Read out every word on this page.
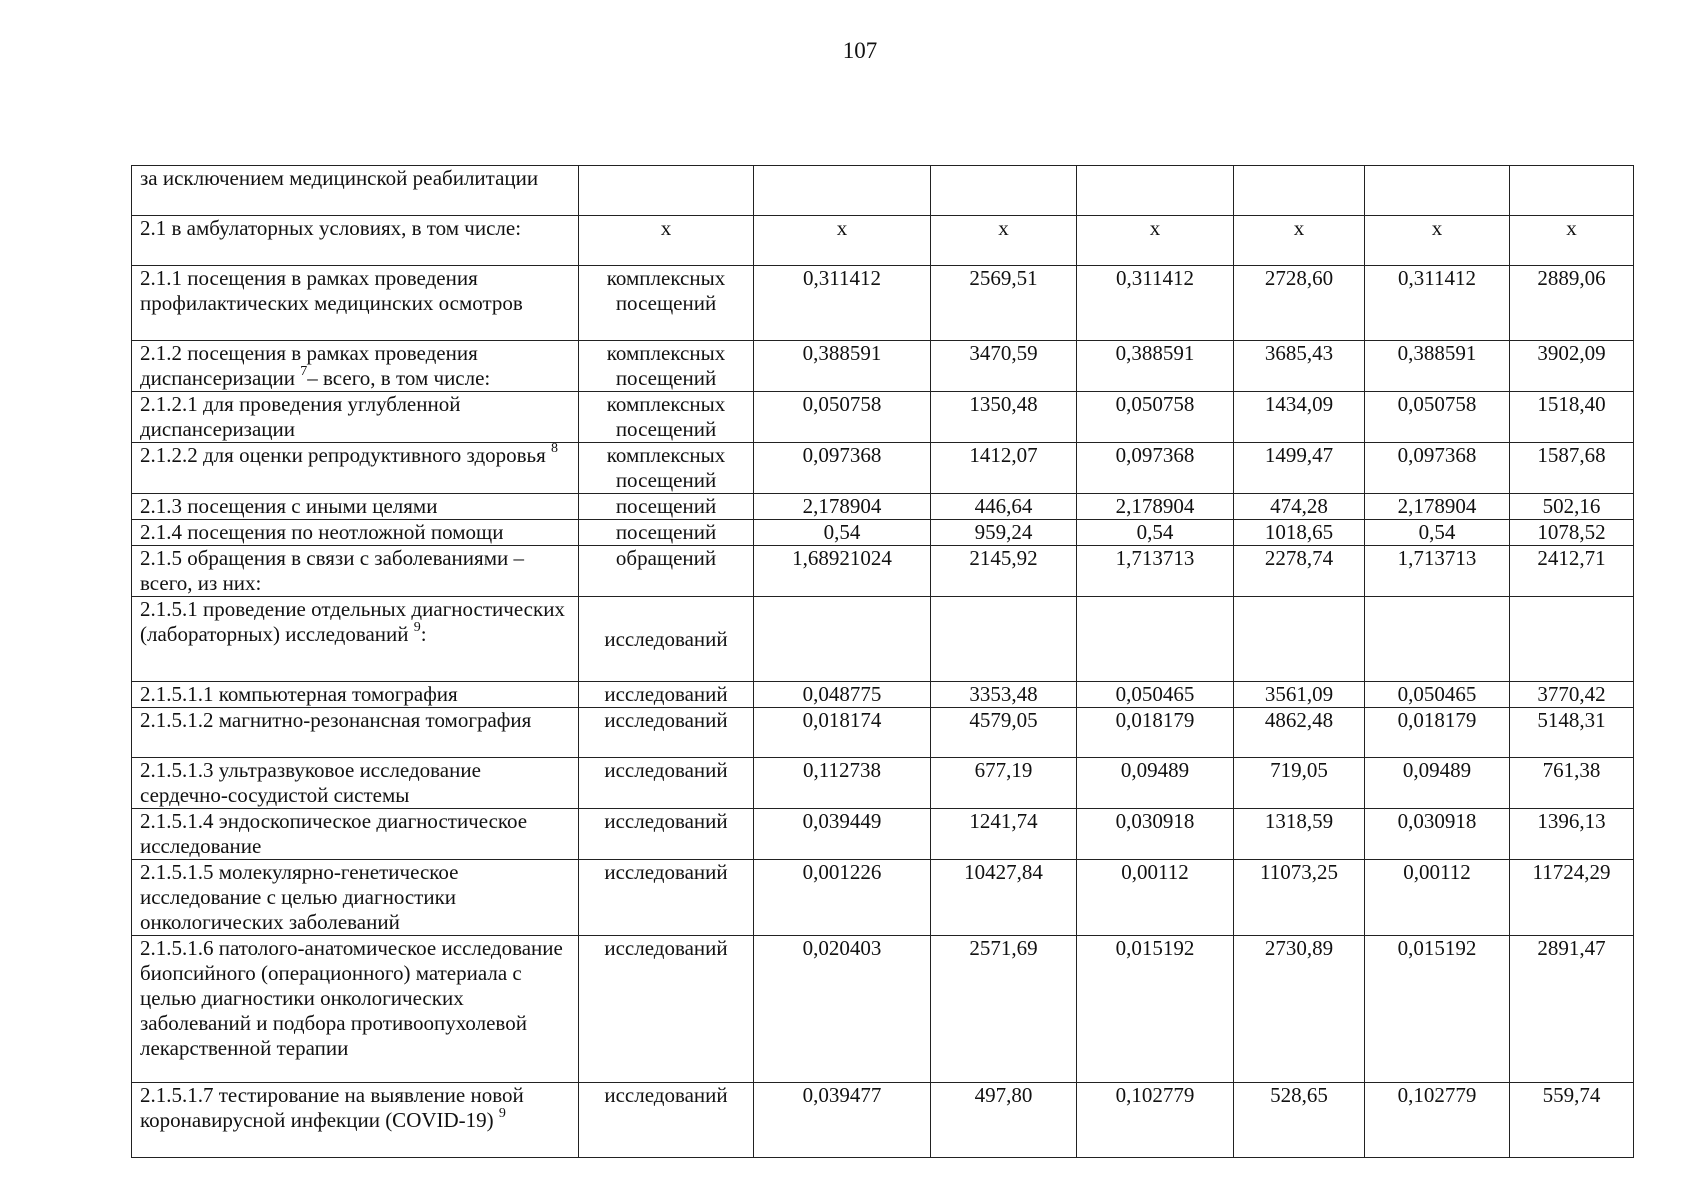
107
за исключением медицинской реабилитации							
2.1 в амбулаторных условиях, в том числе:	х	х	х	х	х	х	х
2.1.1 посещения в рамках проведения профилактических медицинских осмотров	комплексных посещений	0,311412	2569,51	0,311412	2728,60	0,311412	2889,06
2.1.2 посещения в рамках проведения диспансеризации $^7$– всего, в том числе:	комплексных посещений	0,388591	3470,59	0,388591	3685,43	0,388591	3902,09
2.1.2.1 для проведения углубленной диспансеризации	комплексных посещений	0,050758	1350,48	0,050758	1434,09	0,050758	1518,40
2.1.2.2 для оценки репродуктивного здоровья $^8$	комплексных посещений	0,097368	1412,07	0,097368	1499,47	0,097368	1587,68
2.1.3 посещения с иными целями	посещений	2,178904	446,64	2,178904	474,28	2,178904	502,16
2.1.4 посещения по неотложной помощи	посещений	0,54	959,24	0,54	1018,65	0,54	1078,52
2.1.5 обращения в связи с заболеваниями – всего, из них:	обращений	1,68921024	2145,92	1,713713	2278,74	1,713713	2412,71
2.1.5.1 проведение отдельных диагностических (лабораторных) исследований $^9$:	исследований						
2.1.5.1.1 компьютерная томография	исследований	0,048775	3353,48	0,050465	3561,09	0,050465	3770,42
2.1.5.1.2 магнитно-резонансная томография	исследований	0,018174	4579,05	0,018179	4862,48	0,018179	5148,31
2.1.5.1.3 ультразвуковое исследование сердечно-сосудистой системы	исследований	0,112738	677,19	0,09489	719,05	0,09489	761,38
2.1.5.1.4 эндоскопическое диагностическое исследование	исследований	0,039449	1241,74	0,030918	1318,59	0,030918	1396,13
2.1.5.1.5 молекулярно-генетическое исследование с целью диагностики онкологических заболеваний	исследований	0,001226	10427,84	0,00112	11073,25	0,00112	11724,29
2.1.5.1.6 патолого-анатомическое исследование биопсийного (операционного) материала с целью диагностики онкологических заболеваний и подбора противоопухолевой лекарственной терапии	исследований	0,020403	2571,69	0,015192	2730,89	0,015192	2891,47
2.1.5.1.7 тестирование на выявление новой коронавирусной инфекции (COVID-19) $^9$	исследований	0,039477	497,80	0,102779	528,65	0,102779	559,74
